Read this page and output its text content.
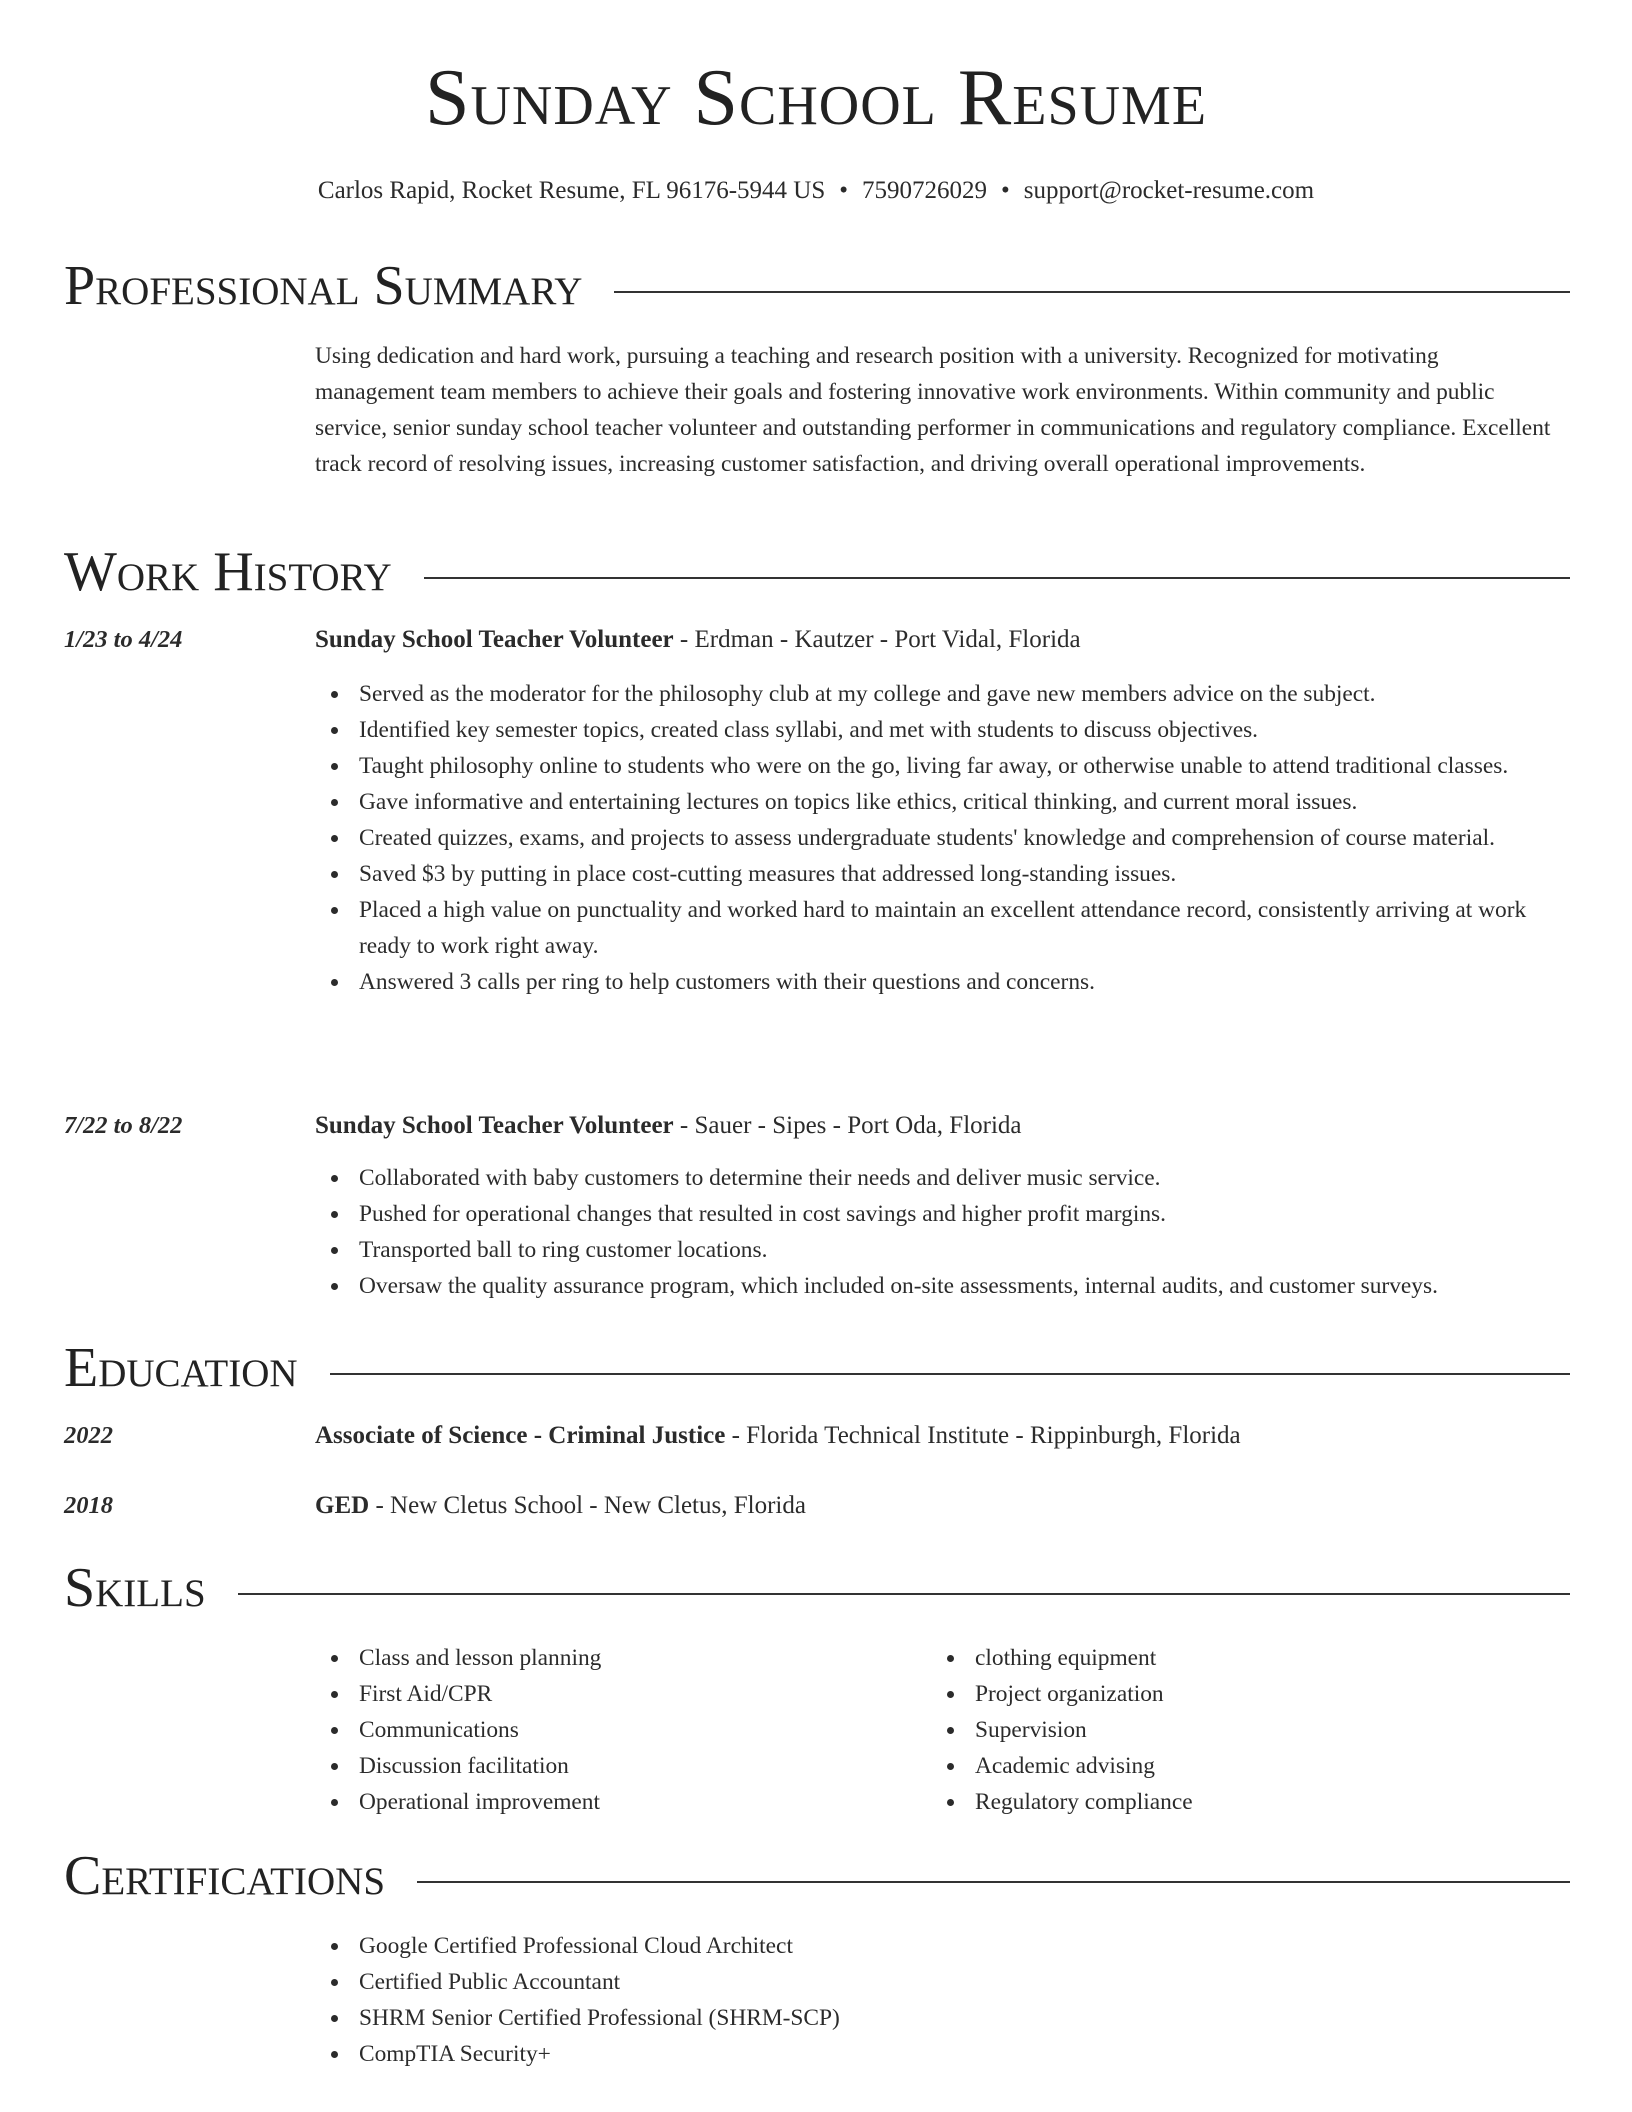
Sunday School Resume
Carlos Rapid, Rocket Resume, FL 96176-5944 US • 7590726029 • support@rocket-resume.com
Professional Summary

Using dedication and hard work, pursuing a teaching and research position with a university. Recognized for motivating management team members to achieve their goals and fostering innovative work environments. Within community and public service, senior sunday school teacher volunteer and outstanding performer in communications and regulatory compliance. Excellent track record of resolving issues, increasing customer satisfaction, and driving overall operational improvements.

Work History
1/23 to 4/24	Sunday School Teacher Volunteer - Erdman - Kautzer - Port Vidal, Florida
Served as the moderator for the philosophy club at my college and gave new members advice on the subject.
Identified key semester topics, created class syllabi, and met with students to discuss objectives.
Taught philosophy online to students who were on the go, living far away, or otherwise unable to attend traditional classes.
Gave informative and entertaining lectures on topics like ethics, critical thinking, and current moral issues.
Created quizzes, exams, and projects to assess undergraduate students' knowledge and comprehension of course material.
Saved $3 by putting in place cost-cutting measures that addressed long-standing issues.
Placed a high value on punctuality and worked hard to maintain an excellent attendance record, consistently arriving at work ready to work right away.
Answered 3 calls per ring to help customers with their questions and concerns.
7/22 to 8/22	Sunday School Teacher Volunteer - Sauer - Sipes - Port Oda, Florida
Collaborated with baby customers to determine their needs and deliver music service.
Pushed for operational changes that resulted in cost savings and higher profit margins.
Transported ball to ring customer locations.
Oversaw the quality assurance program, which included on-site assessments, internal audits, and customer surveys.
Education
2022	Associate of Science - Criminal Justice - Florida Technical Institute - Rippinburgh, Florida
2018	GED - New Cletus School - New Cletus, Florida
Skills
Class and lesson planning
First Aid/CPR
Communications
Discussion facilitation
Operational improvement
clothing equipment
Project organization
Supervision
Academic advising
Regulatory compliance
Certifications
Google Certified Professional Cloud Architect
Certified Public Accountant
SHRM Senior Certified Professional (SHRM-SCP)
CompTIA Security+
